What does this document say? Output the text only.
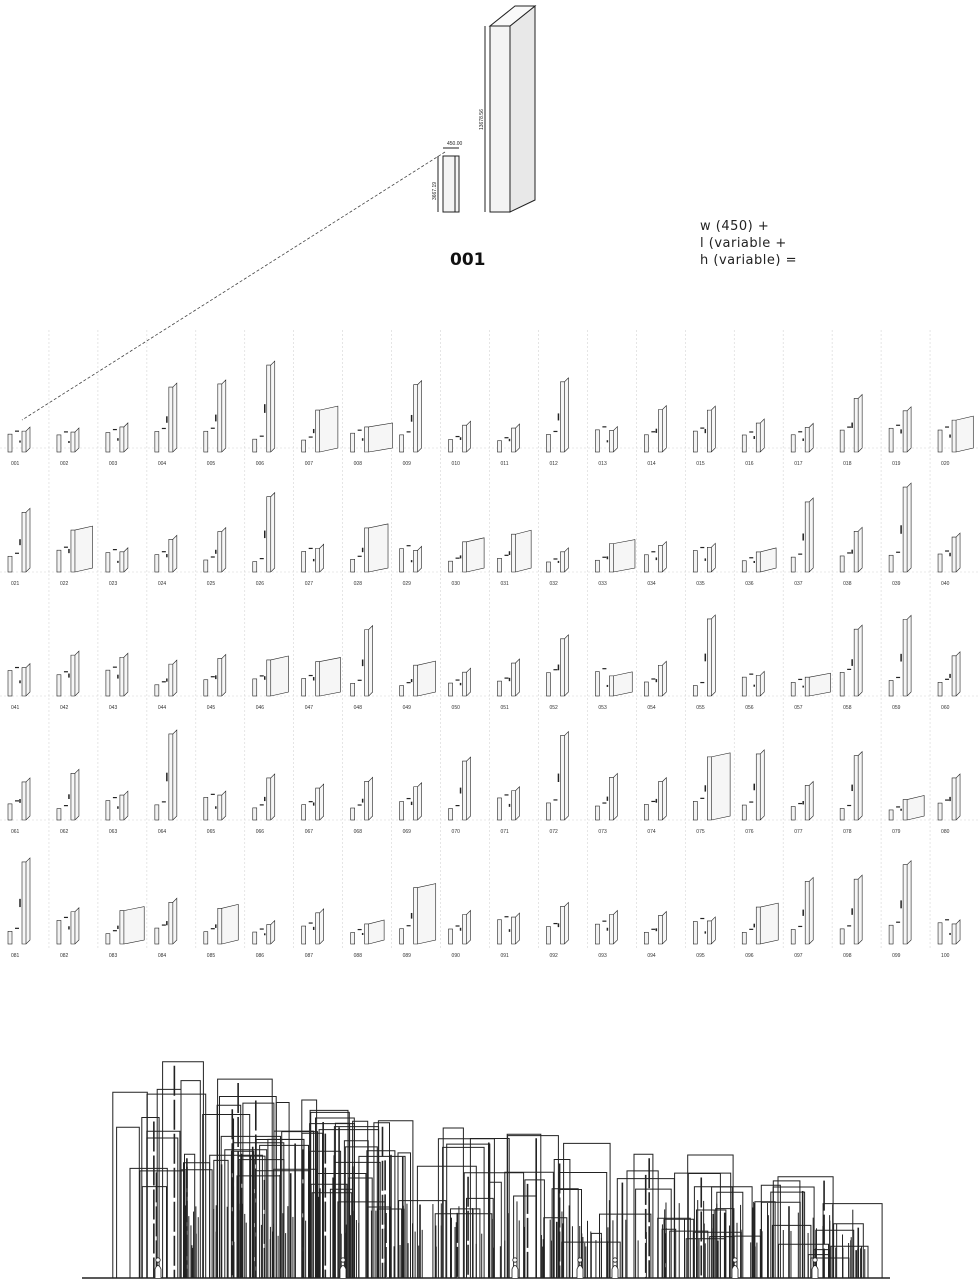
450.00
3667.19
13678.56
001	002	003	004	005	006	007	008	009	010	011	012	013	014	015	016	017	018	019	020
021	022	023	024	025	026	027	028	029	030	031	032	033	034	035	036	037	038	039	040
041	042	043	044	045	046	047	048	049	050	051	052	053	054	055	056	057	058	059	060
061	062	063	064	065	066	067	068	069	070	071	072	073	074	075	076	077	078	079	080
081	082	083	084	085	086	087	088	089	090	091	092	093	094	095	096	097	098	099	100
001
w (450) +
l (variable +
h (variable) =
